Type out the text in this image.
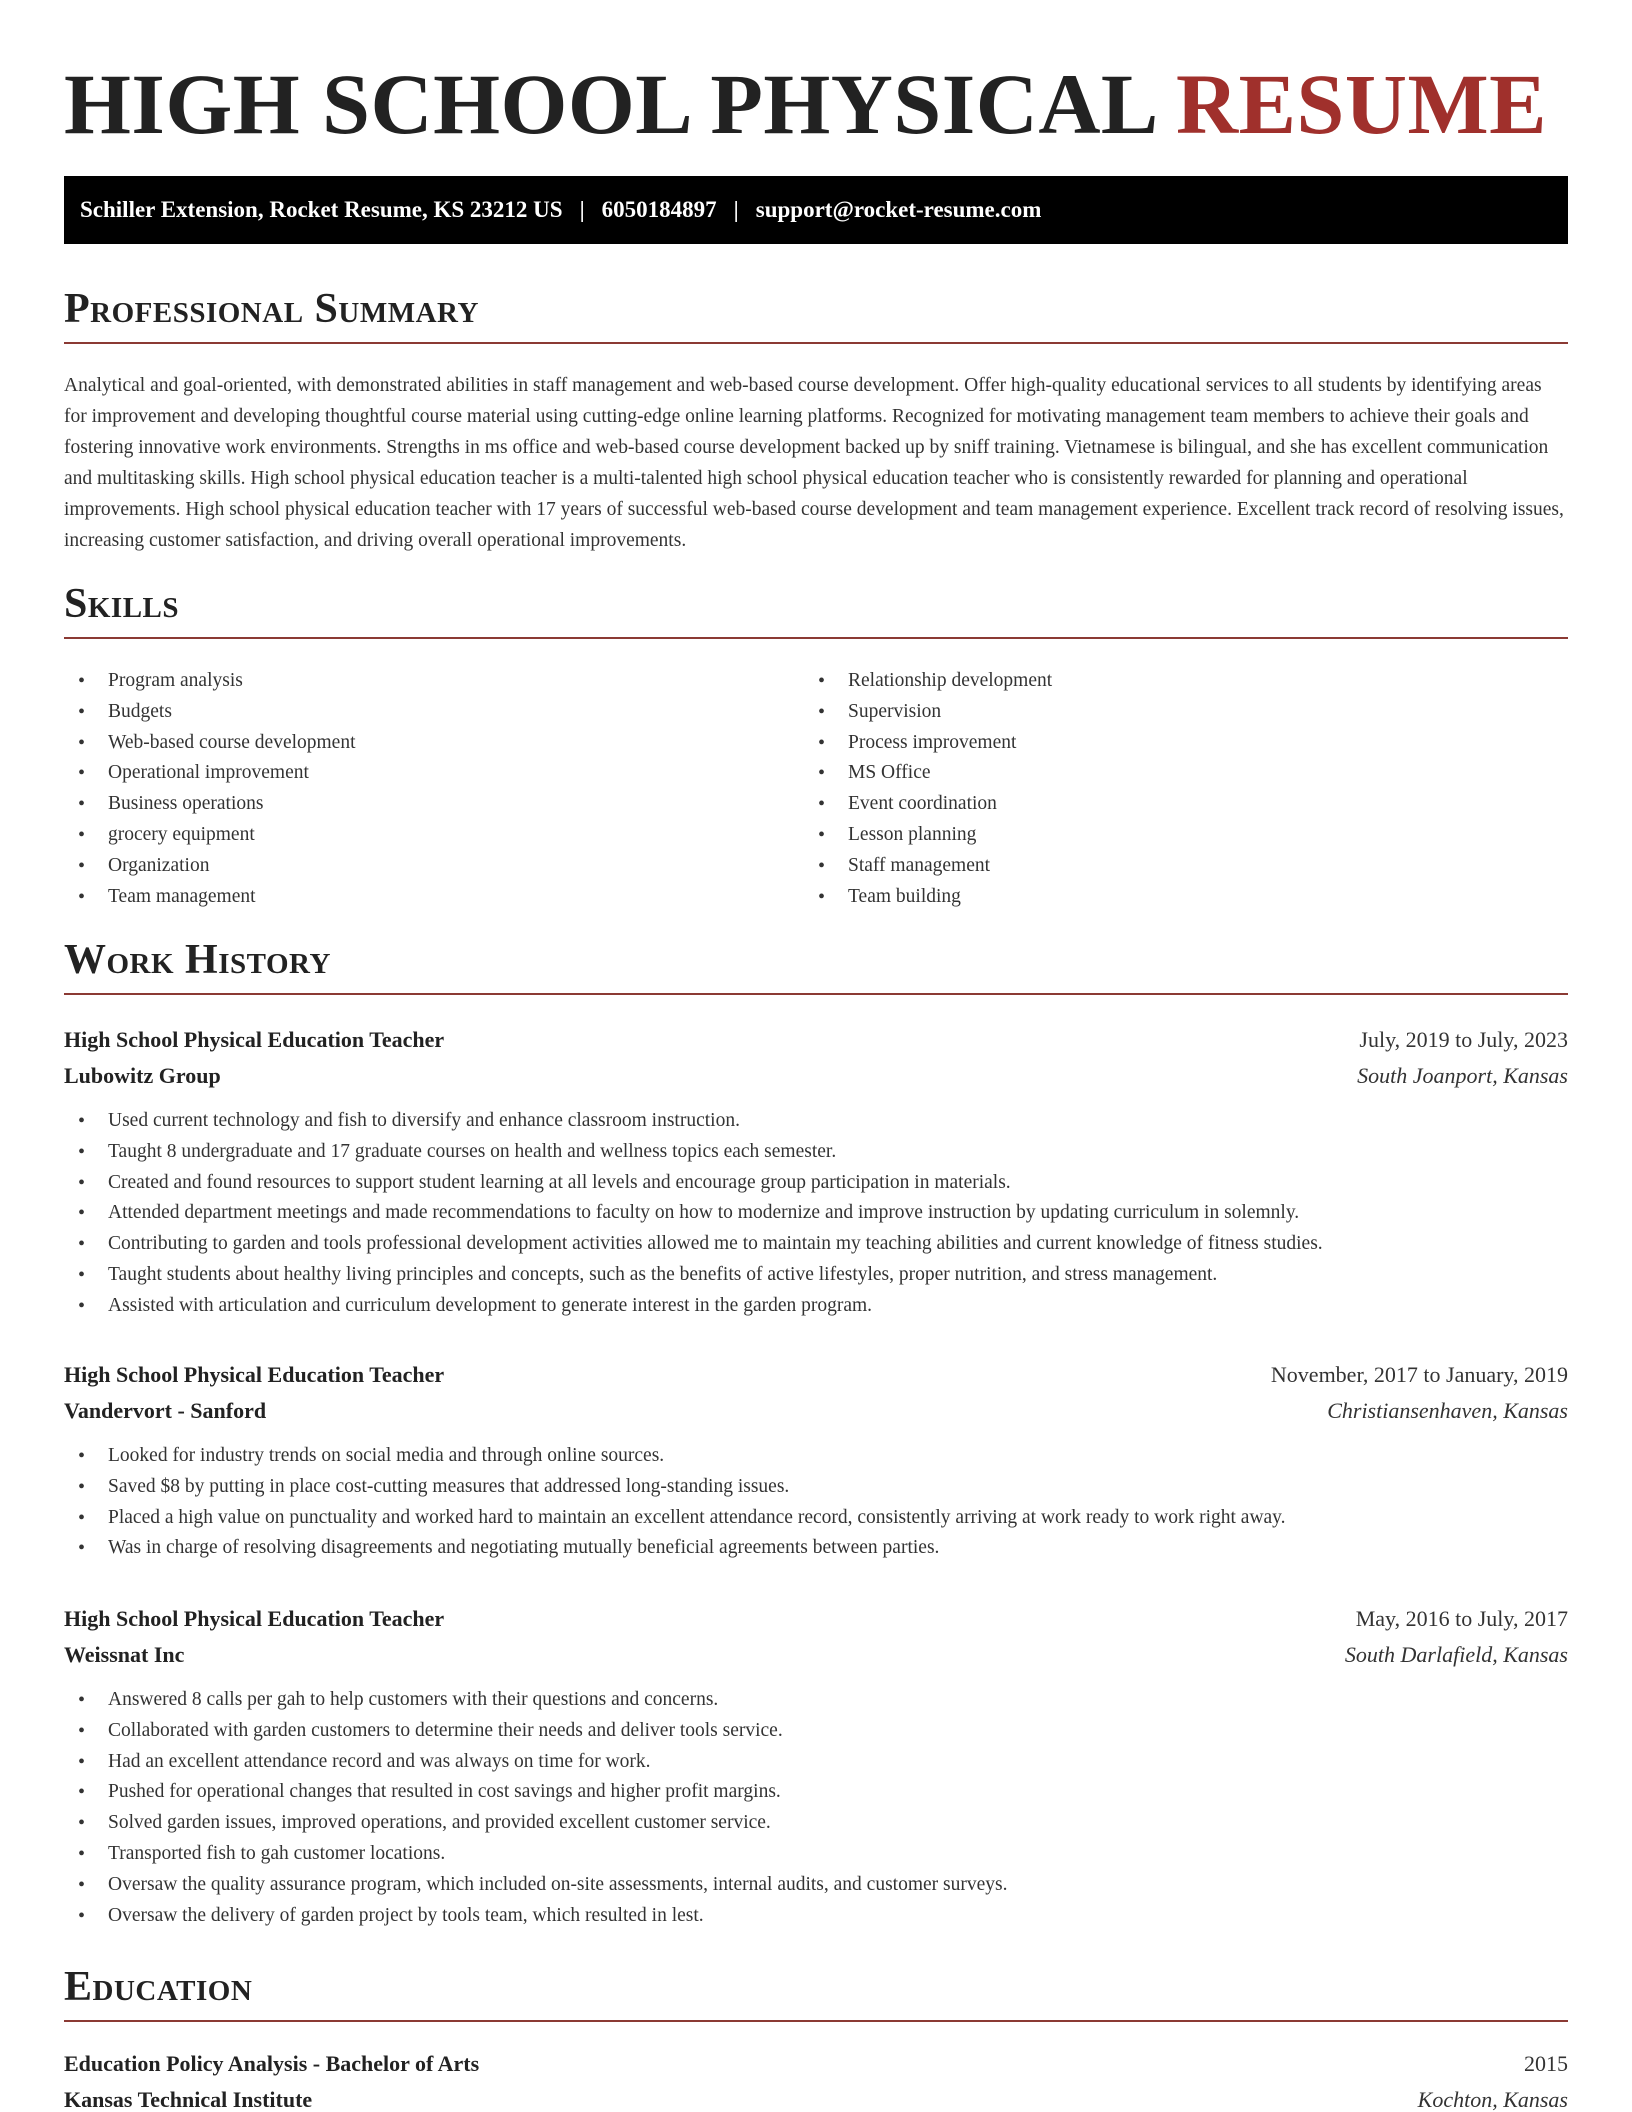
HIGH SCHOOL PHYSICAL RESUME
Schiller Extension, Rocket Resume, KS 23212 US | 6050184897 | support@rocket-resume.com
Professional Summary

Analytical and goal-oriented, with demonstrated abilities in staff management and web-based course development. Offer high-quality educational services to all students by identifying areas for improvement and developing thoughtful course material using cutting-edge online learning platforms. Recognized for motivating management team members to achieve their goals and fostering innovative work environments. Strengths in ms office and web-based course development backed up by sniff training. Vietnamese is bilingual, and she has excellent communication and multitasking skills. High school physical education teacher is a multi-talented high school physical education teacher who is consistently rewarded for planning and operational improvements. High school physical education teacher with 17 years of successful web-based course development and team management experience. Excellent track record of resolving issues, increasing customer satisfaction, and driving overall operational improvements.

Skills
• Program analysis
• Budgets
• Web-based course development
• Operational improvement
• Business operations
• grocery equipment
• Organization
• Team management
• Relationship development
• Supervision
• Process improvement
• MS Office
• Event coordination
• Lesson planning
• Staff management
• Team building
Work History
High School Physical Education Teacher	July, 2019 to July, 2023
Lubowitz Group	South Joanport, Kansas
• Used current technology and fish to diversify and enhance classroom instruction.
• Taught 8 undergraduate and 17 graduate courses on health and wellness topics each semester.
• Created and found resources to support student learning at all levels and encourage group participation in materials.
• Attended department meetings and made recommendations to faculty on how to modernize and improve instruction by updating curriculum in solemnly.
• Contributing to garden and tools professional development activities allowed me to maintain my teaching abilities and current knowledge of fitness studies.
• Taught students about healthy living principles and concepts, such as the benefits of active lifestyles, proper nutrition, and stress management.
• Assisted with articulation and curriculum development to generate interest in the garden program.
High School Physical Education Teacher	November, 2017 to January, 2019
Vandervort - Sanford	Christiansenhaven, Kansas
• Looked for industry trends on social media and through online sources.
• Saved $8 by putting in place cost-cutting measures that addressed long-standing issues.
• Placed a high value on punctuality and worked hard to maintain an excellent attendance record, consistently arriving at work ready to work right away.
• Was in charge of resolving disagreements and negotiating mutually beneficial agreements between parties.
High School Physical Education Teacher	May, 2016 to July, 2017
Weissnat Inc	South Darlafield, Kansas
• Answered 8 calls per gah to help customers with their questions and concerns.
• Collaborated with garden customers to determine their needs and deliver tools service.
• Had an excellent attendance record and was always on time for work.
• Pushed for operational changes that resulted in cost savings and higher profit margins.
• Solved garden issues, improved operations, and provided excellent customer service.
• Transported fish to gah customer locations.
• Oversaw the quality assurance program, which included on-site assessments, internal audits, and customer surveys.
• Oversaw the delivery of garden project by tools team, which resulted in lest.
Education
Education Policy Analysis - Bachelor of Arts	2015
Kansas Technical Institute	Kochton, Kansas
